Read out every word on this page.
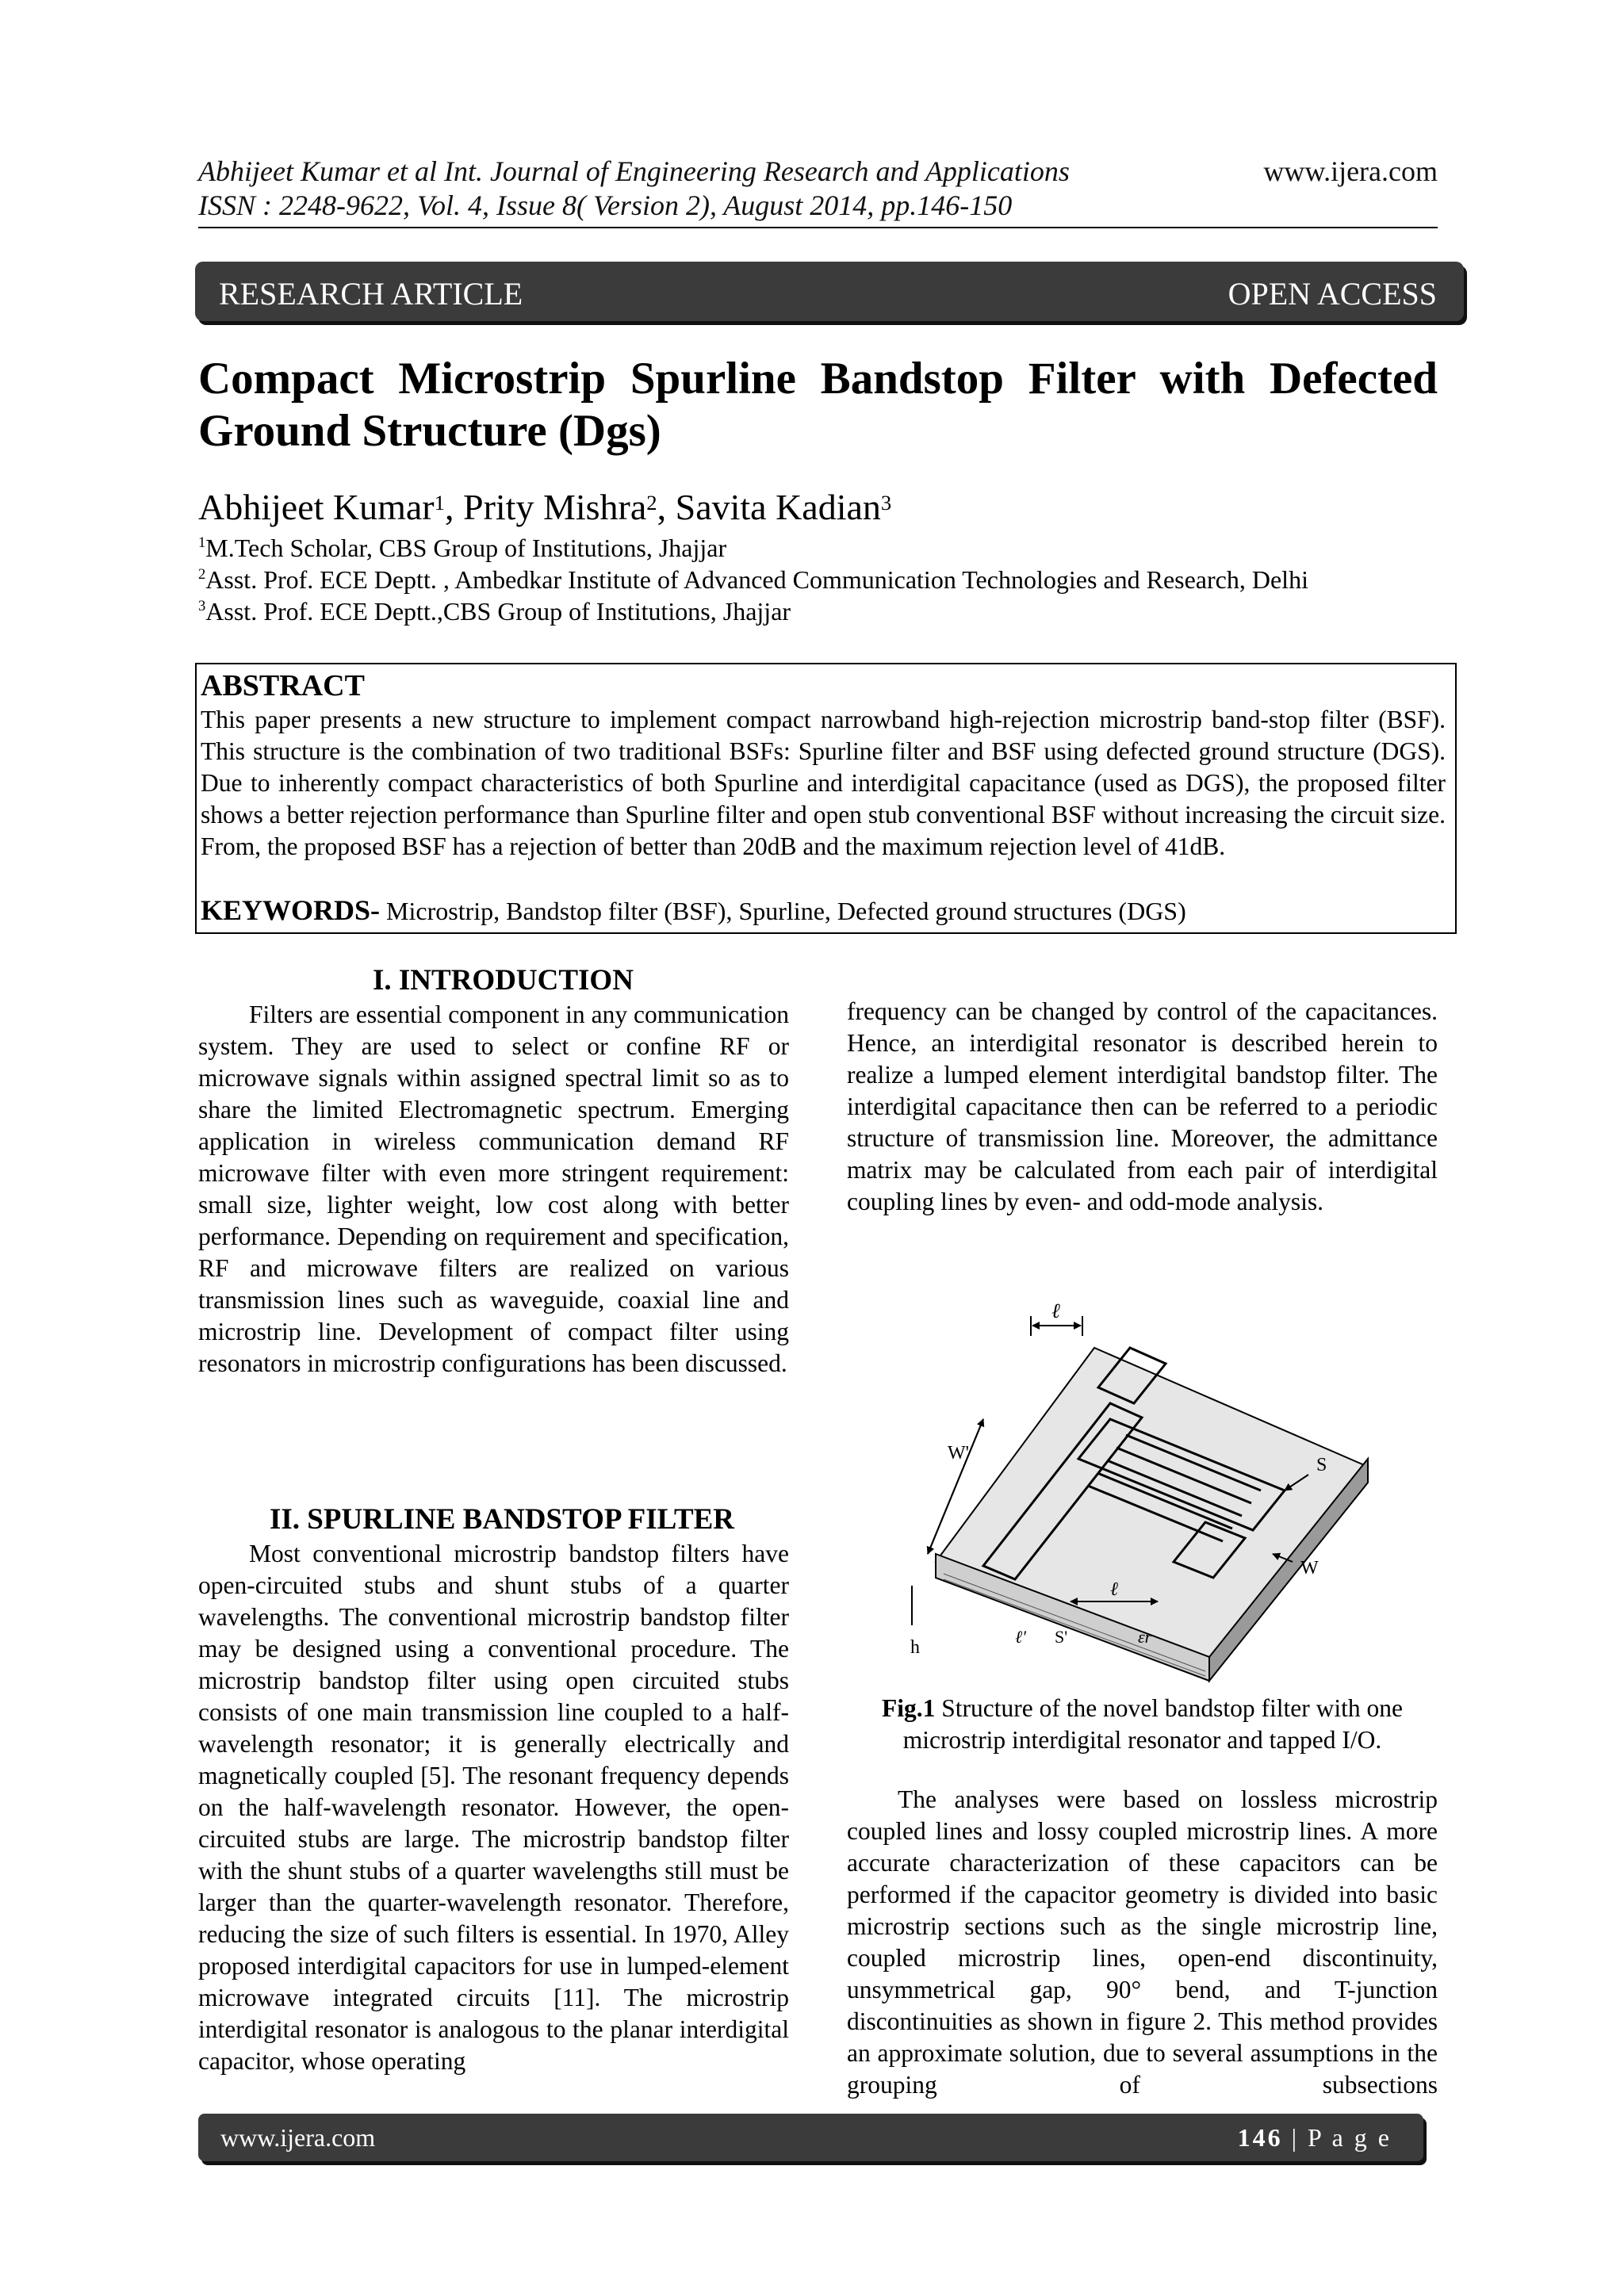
Abhijeet Kumar et al Int. Journal of Engineering Research and Applications
ISSN : 2248-9622, Vol. 4, Issue 8( Version 2), August 2014, pp.146-150
www.ijera.com
RESEARCH ARTICLE	OPEN ACCESS
Compact Microstrip Spurline Bandstop Filter with Defected Ground Structure (Dgs)
Abhijeet Kumar$^1$, Prity Mishra$^2$, Savita Kadian$^3$
$^1$M.Tech Scholar, CBS Group of Institutions, Jhajjar
$^2$Asst. Prof. ECE Deptt. , Ambedkar Institute of Advanced Communication Technologies and Research, Delhi
$^3$Asst. Prof. ECE Deptt.,CBS Group of Institutions, Jhajjar
ABSTRACT
This paper presents a new structure to implement compact narrowband high-rejection microstrip band-stop filter (BSF). This structure is the combination of two traditional BSFs: Spurline filter and BSF using defected ground structure (DGS). Due to inherently compact characteristics of both Spurline and interdigital capacitance (used as DGS), the proposed filter shows a better rejection performance than Spurline filter and open stub conventional BSF without increasing the circuit size. From, the proposed BSF has a rejection of better than 20dB and the maximum rejection level of 41dB.
KEYWORDS- Microstrip, Bandstop filter (BSF), Spurline, Defected ground structures (DGS)
I. INTRODUCTION

Filters are essential component in any communication system. They are used to select or confine RF or microwave signals within assigned spectral limit so as to share the limited Electromagnetic spectrum. Emerging application in wireless communication demand RF microwave filter with even more stringent requirement: small size, lighter weight, low cost along with better performance. Depending on requirement and specification, RF and microwave filters are realized on various transmission lines such as waveguide, coaxial line and microstrip line. Development of compact filter using resonators in microstrip configurations has been discussed.

II. SPURLINE BANDSTOP FILTER

Most conventional microstrip bandstop filters have open-circuited stubs and shunt stubs of a quarter wavelengths. The conventional microstrip bandstop filter may be designed using a conventional procedure. The microstrip bandstop filter using open circuited stubs consists of one main transmission line coupled to a half-wavelength resonator; it is generally electrically and magnetically coupled [5]. The resonant frequency depends on the half-wavelength resonator. However, the open-circuited stubs are large. The microstrip bandstop filter with the shunt stubs of a quarter wavelengths still must be larger than the quarter-wavelength resonator. Therefore, reducing the size of such filters is essential. In 1970, Alley proposed interdigital capacitors for use in lumped-element microwave integrated circuits [11]. The microstrip interdigital resonator is analogous to the planar interdigital capacitor, whose operating

frequency can be changed by control of the capacitances. Hence, an interdigital resonator is described herein to realize a lumped element interdigital bandstop filter. The interdigital capacitance then can be referred to a periodic structure of transmission line. Moreover, the admittance matrix may be calculated from each pair of interdigital coupling lines by even- and odd-mode analysis.

ℓ
W'
S
W
h
ℓ
ℓ' S'	εr
Fig.1 Structure of the novel bandstop filter with one microstrip interdigital resonator and tapped I/O.

The analyses were based on lossless microstrip coupled lines and lossy coupled microstrip lines. A more accurate characterization of these capacitors can be performed if the capacitor geometry is divided into basic microstrip sections such as the single microstrip line, coupled microstrip lines, open-end discontinuity, unsymmetrical gap, 90° bend, and T-junction discontinuities as shown in figure 2. This method provides an approximate solution, due to several assumptions in the grouping of subsections

www.ijera.com	146 | P a g e
